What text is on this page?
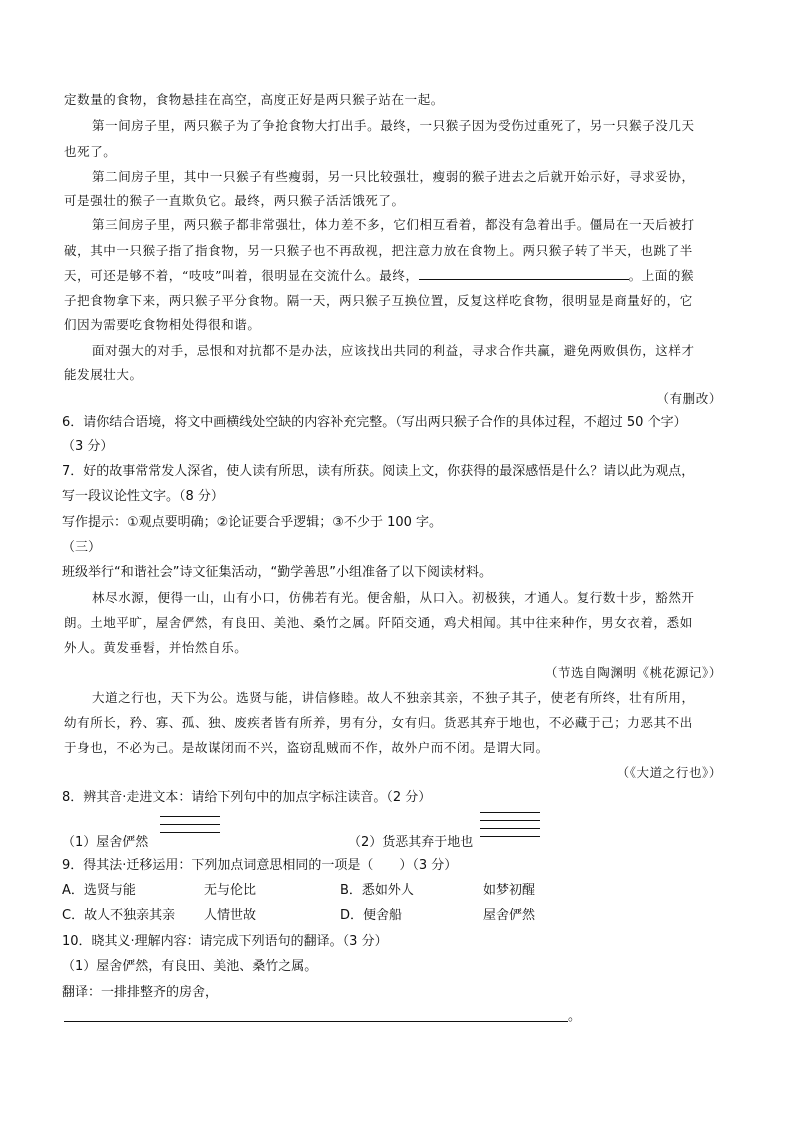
定数量的食物，食物悬挂在高空，高度正好是两只猴子站在一起。
第一间房子里，两只猴子为了争抢食物大打出手。最终，一只猴子因为受伤过重死了，另一只猴子没几天
也死了。
第二间房子里，其中一只猴子有些瘦弱，另一只比较强壮，瘦弱的猴子进去之后就开始示好，寻求妥协，
可是强壮的猴子一直欺负它。最终，两只猴子活活饿死了。
第三间房子里，两只猴子都非常强壮，体力差不多，它们相互看着，都没有急着出手。僵局在一天后被打
破，其中一只猴子指了指食物，另一只猴子也不再敌视，把注意力放在食物上。两只猴子转了半天，也跳了半
天，可还是够不着，“吱吱”叫着，很明显在交流什么。最终，	。上面的猴
子把食物拿下来，两只猴子平分食物。隔一天，两只猴子互换位置，反复这样吃食物，很明显是商量好的，它
们因为需要吃食物相处得很和谐。
面对强大的对手，忌恨和对抗都不是办法，应该找出共同的利益，寻求合作共赢，避免两败俱伤，这样才
能发展壮大。
（有删改）
6．请你结合语境，将文中画横线处空缺的内容补充完整。（写出两只猴子合作的具体过程，不超过 50 个字）
（3 分）
7．好的故事常常发人深省，使人读有所思，读有所获。阅读上文，你获得的最深感悟是什么？请以此为观点，
写一段议论性文字。（8 分）
写作提示：①观点要明确；②论证要合乎逻辑；③不少于 100 字。
（三）
班级举行“和谐社会”诗文征集活动，“勤学善思”小组准备了以下阅读材料。
林尽水源，便得一山，山有小口，仿佛若有光。便舍船，从口入。初极狭，才通人。复行数十步，豁然开
朗。土地平旷，屋舍俨然，有良田、美池、桑竹之属。阡陌交通，鸡犬相闻。其中往来种作，男女衣着，悉如
外人。黄发垂髫，并怡然自乐。
（节选自陶渊明《桃花源记》）
大道之行也，天下为公。选贤与能，讲信修睦。故人不独亲其亲，不独子其子，使老有所终，壮有所用，
幼有所长，矜、寡、孤、独、废疾者皆有所养，男有分，女有归。货恶其弃于地也，不必藏于己；力恶其不出
于身也，不必为己。是故谋闭而不兴，盗窃乱贼而不作，故外户而不闭。是谓大同。
（《大道之行也》）
8．辨其音·走进文本：请给下列句中的加点字标注读音。（2 分）
（1）屋舍俨然	（2）货恶其弃于地也
9．得其法·迁移运用：下列加点词意思相同的一项是（　　）（3 分）
A．选贤与能	无与伦比	B．悉如外人	如梦初醒
C．故人不独亲其亲 人情世故	D．便舍船	屋舍俨然
10．晓其义·理解内容：请完成下列语句的翻译。（3 分）
（1）屋舍俨然，有良田、美池、桑竹之属。
翻译：一排排整齐的房舍，
。
